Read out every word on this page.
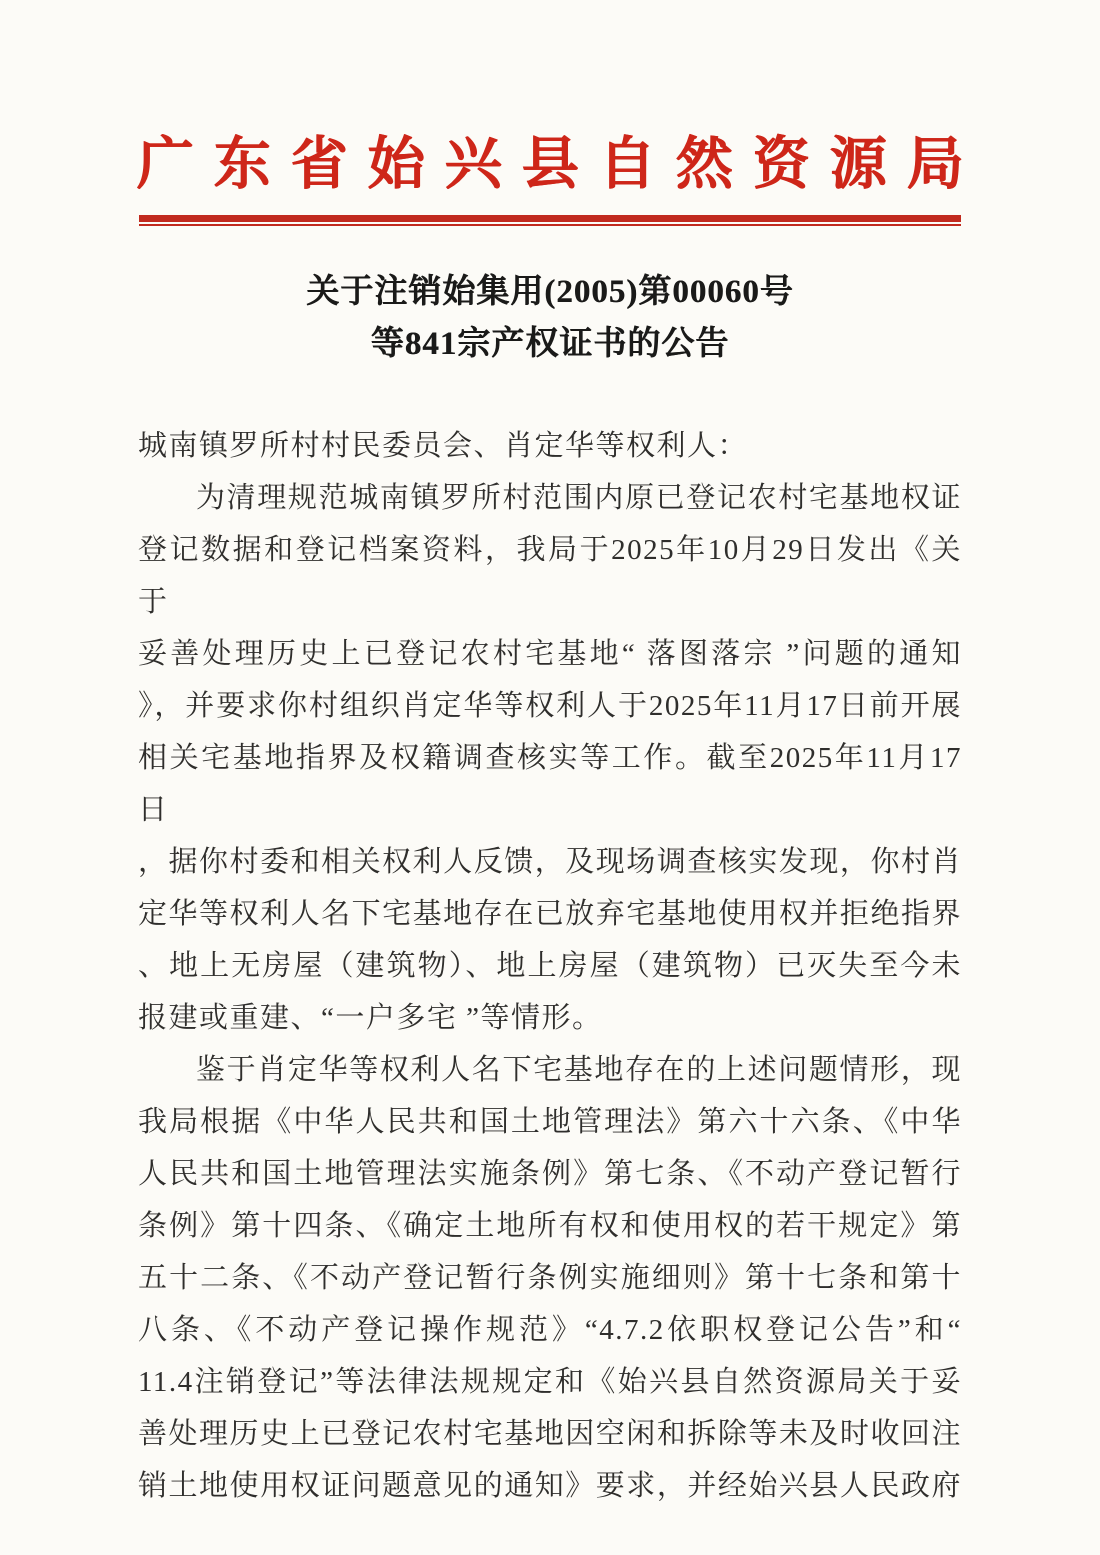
广东省始兴县自然资源局
关于注销始集用(2005)第00060号
等841宗产权证书的公告
城南镇罗所村村民委员会、肖定华等权利人：
为清理规范城南镇罗所村范围内原已登记农村宅基地权证
登记数据和登记档案资料，我局于2025年10月29日发出《关于
妥善处理历史上已登记农村宅基地“ 落图落宗 ”问题的通知
》，并要求你村组织肖定华等权利人于2025年11月17日前开展
相关宅基地指界及权籍调查核实等工作。截至2025年11月17日
，据你村委和相关权利人反馈，及现场调查核实发现，你村肖
定华等权利人名下宅基地存在已放弃宅基地使用权并拒绝指界
、地上无房屋（建筑物）、地上房屋（建筑物）已灭失至今未
报建或重建、“一户多宅 ”等情形。
鉴于肖定华等权利人名下宅基地存在的上述问题情形，现
我局根据《中华人民共和国土地管理法》第六十六条、《中华
人民共和国土地管理法实施条例》第七条、《不动产登记暂行
条例》第十四条、《确定土地所有权和使用权的若干规定》第
五十二条、《不动产登记暂行条例实施细则》第十七条和第十
八条、《不动产登记操作规范》“4.7.2依职权登记公告”和“
11.4注销登记”等法律法规规定和《始兴县自然资源局关于妥
善处理历史上已登记农村宅基地因空闲和拆除等未及时收回注
销土地使用权证问题意见的通知》要求，并经始兴县人民政府
